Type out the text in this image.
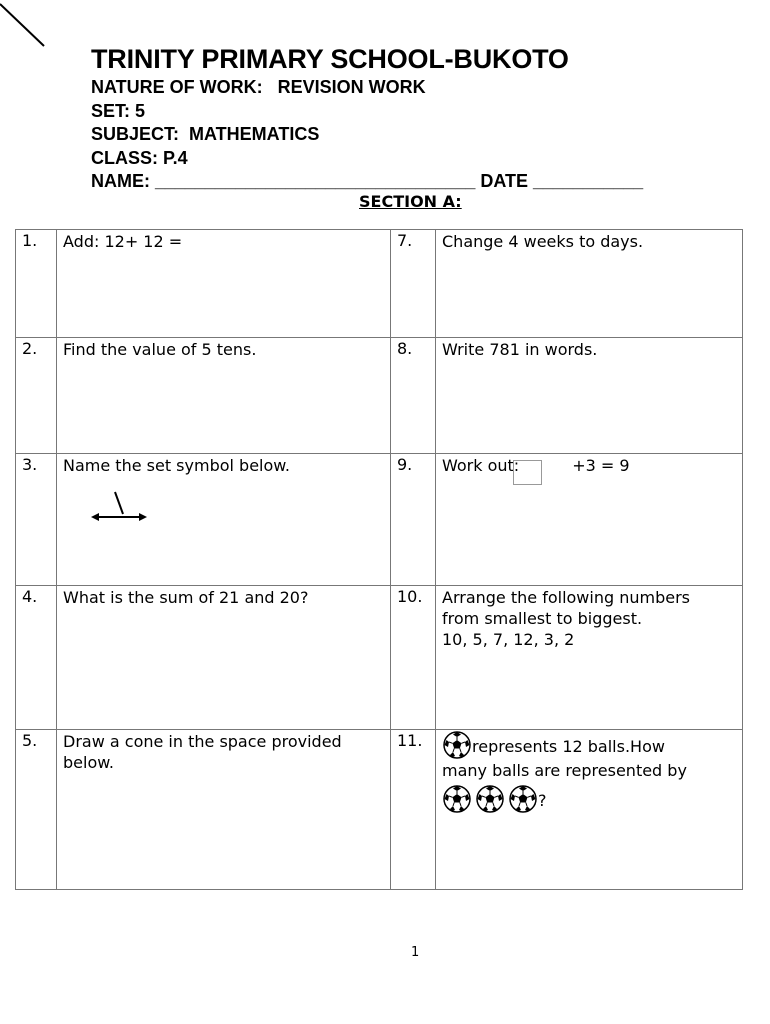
TRINITY PRIMARY SCHOOL-BUKOTO
NATURE OF WORK:   REVISION WORK
SET: 5
SUBJECT:  MATHEMATICS
CLASS: P.4
NAME: ________________________________ DATE ___________
SECTION A:
1.	Add: 12+ 12 =	7.	Change 4 weeks to days.

2.	Find the value of 5 tens.	8.	Write 781 in words.

3.	Name the set symbol below.	9.	Work out: +3 = 9

4.	What is the sum of 21 and 20?	10.	Arrange the following numbers
from smallest to biggest.
10, 5, 7, 12, 3, 2

5.	Draw a cone in the space provided below.	11.	represents 12 balls.How
many balls are represented by
?
1
